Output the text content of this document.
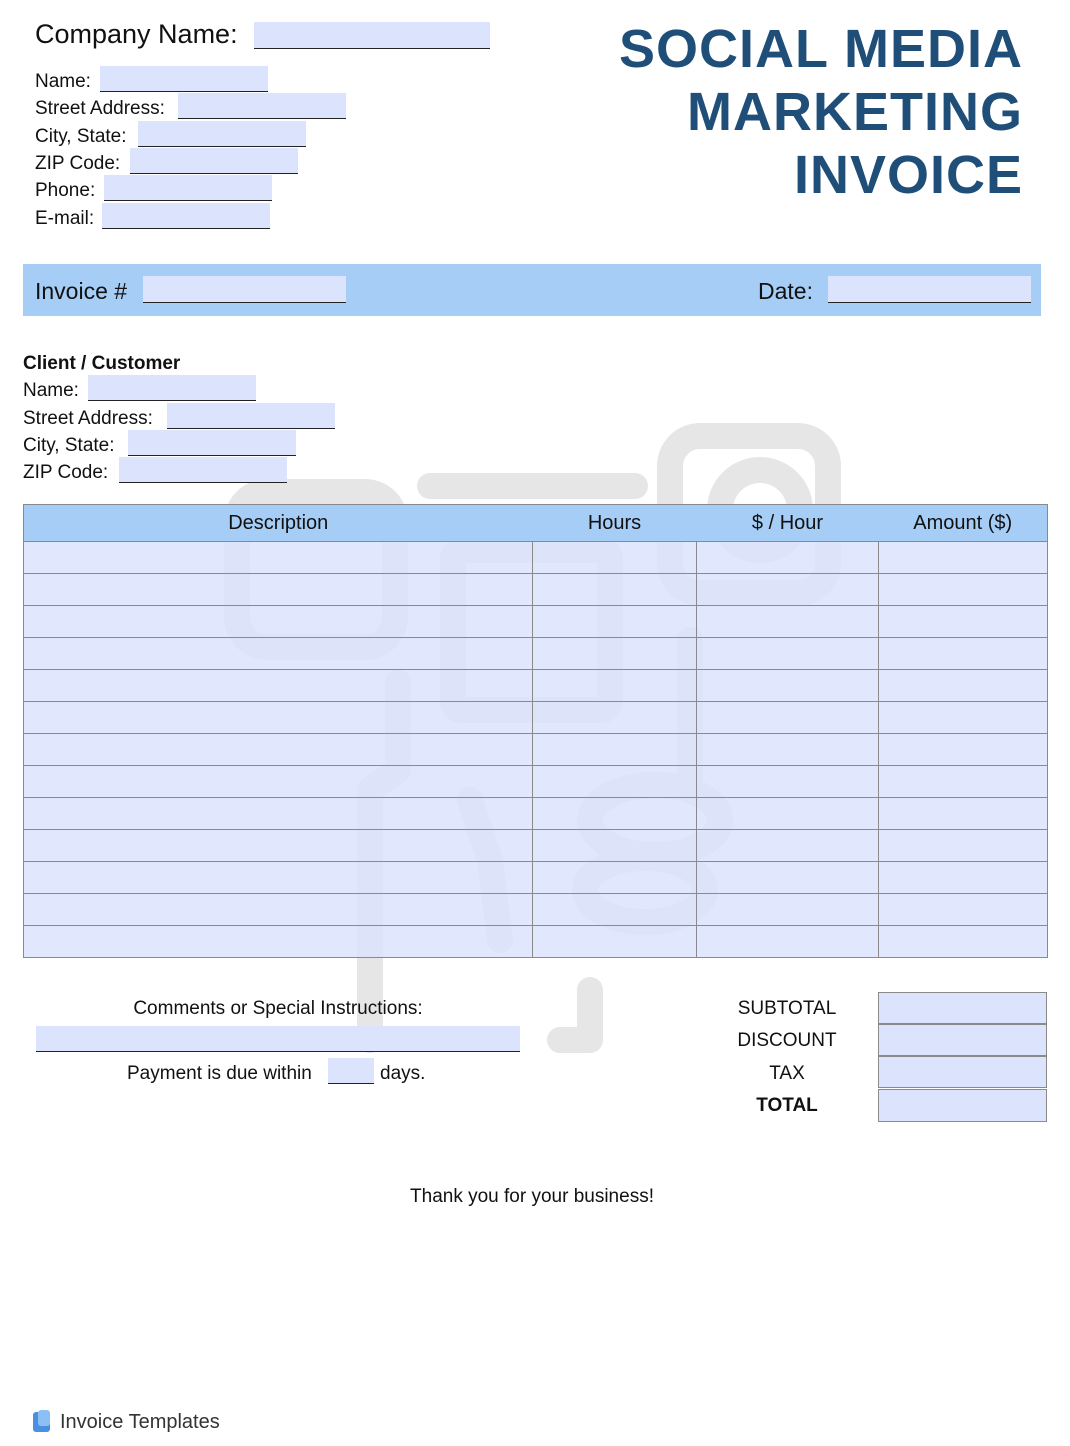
Company Name:
Name:
Street Address:
City, State:
ZIP Code:
Phone:
E-mail:
SOCIAL MEDIA
MARKETING
INVOICE
Invoice #	Date:
Client / Customer
Name:
Street Address:
City, State:
ZIP Code:
Description	Hours	$ / Hour	Amount ($)

Comments or Special Instructions:
Payment is due within	days.
SUBTOTAL
DISCOUNT
TAX
TOTAL
Thank you for your business!
Invoice Templates
